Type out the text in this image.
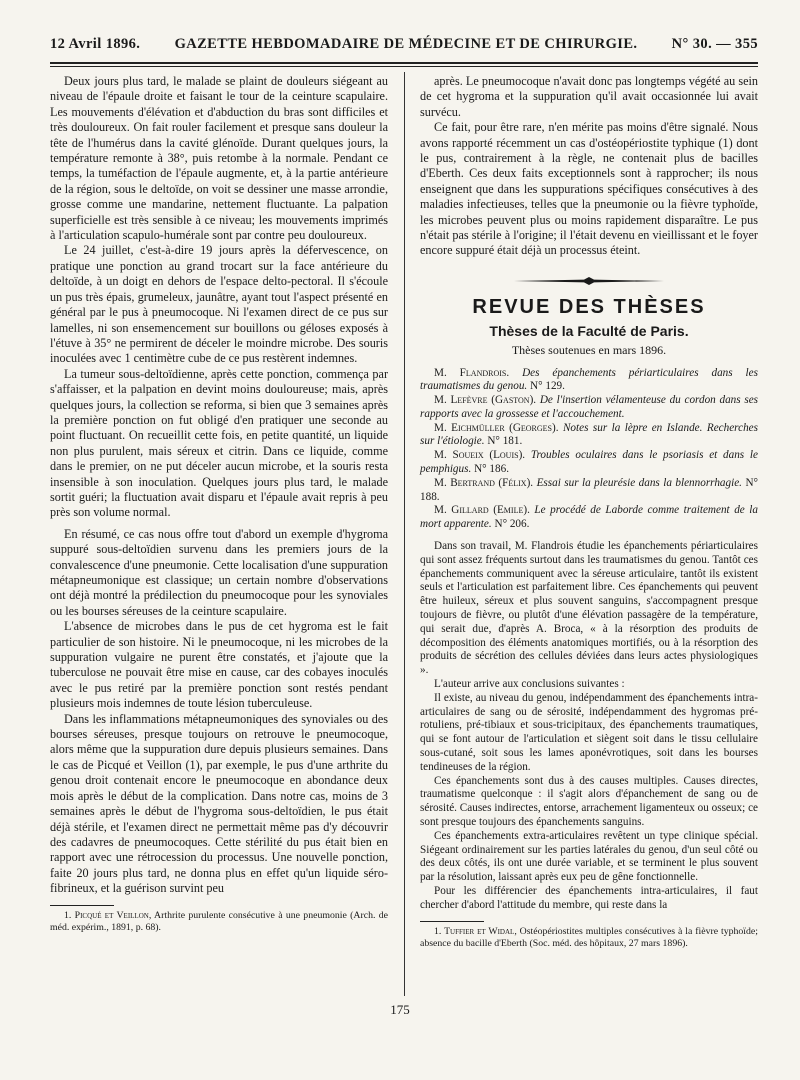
12 Avril 1896.	GAZETTE HEBDOMADAIRE DE MÉDECINE ET DE CHIRURGIE.	N° 30. — 355

Deux jours plus tard, le malade se plaint de douleurs siégeant au niveau de l'épaule droite et faisant le tour de la ceinture scapulaire. Les mouvements d'élévation et d'abduction du bras sont difficiles et très douloureux. On fait rouler facilement et presque sans douleur la tête de l'humérus dans la cavité glénoïde. Durant quelques jours, la température remonte à 38°, puis retombe à la normale. Pendant ce temps, la tuméfaction de l'épaule augmente, et, à la partie antérieure de la région, sous le deltoïde, on voit se dessiner une masse arrondie, grosse comme une mandarine, nettement fluctuante. La palpation superficielle est très sensible à ce niveau; les mouvements imprimés à l'articulation scapulo-humérale sont par contre peu douloureux.

Le 24 juillet, c'est-à-dire 19 jours après la défervescence, on pratique une ponction au grand trocart sur la face antérieure du deltoïde, à un doigt en dehors de l'espace delto-pectoral. Il s'écoule un pus très épais, grumeleux, jaunâtre, ayant tout l'aspect présenté en général par le pus à pneumocoque. Ni l'examen direct de ce pus sur lamelles, ni son ensemencement sur bouillons ou géloses exposés à l'étuve à 35° ne permirent de déceler le moindre microbe. Des souris inoculées avec 1 centimètre cube de ce pus restèrent indemnes.

La tumeur sous-deltoïdienne, après cette ponction, commença par s'affaisser, et la palpation en devint moins douloureuse; mais, après quelques jours, la collection se reforma, si bien que 3 semaines après la première ponction on fut obligé d'en pratiquer une seconde au point fluctuant. On recueillit cette fois, en petite quantité, un liquide non plus purulent, mais séreux et citrin. Dans ce liquide, comme dans le premier, on ne put déceler aucun microbe, et la souris resta insensible à son inoculation. Quelques jours plus tard, le malade sortit guéri; la fluctuation avait disparu et l'épaule avait repris à peu près son volume normal.

En résumé, ce cas nous offre tout d'abord un exemple d'hygroma suppuré sous-deltoïdien survenu dans les premiers jours de la convalescence d'une pneumonie. Cette localisation d'une suppuration métapneumonique est classique; un certain nombre d'observations ont déjà montré la prédilection du pneumocoque pour les synoviales ou les bourses séreuses de la ceinture scapulaire.

L'absence de microbes dans le pus de cet hygroma est le fait particulier de son histoire. Ni le pneumocoque, ni les microbes de la suppuration vulgaire ne purent être constatés, et j'ajoute que la tuberculose ne pouvait être mise en cause, car des cobayes inoculés avec le pus retiré par la première ponction sont restés pendant plusieurs mois indemnes de toute lésion tuberculeuse.

Dans les inflammations métapneumoniques des synoviales ou des bourses séreuses, presque toujours on retrouve le pneumocoque, alors même que la suppuration dure depuis plusieurs semaines. Dans le cas de Picqué et Veillon (1), par exemple, le pus d'une arthrite du genou droit contenait encore le pneumocoque en abondance deux mois après le début de la complication. Dans notre cas, moins de 3 semaines après le début de l'hygroma sous-deltoïdien, le pus était déjà stérile, et l'examen direct ne permettait même pas d'y découvrir des cadavres de pneumocoques. Cette stérilité du pus était bien en rapport avec une rétrocession du processus. Une nouvelle ponction, faite 20 jours plus tard, ne donna plus en effet qu'un liquide séro-fibrineux, et la guérison survint peu

1. Picqué et Veillon, Arthrite purulente consécutive à une pneumonie (Arch. de méd. expérim., 1891, p. 68).

après. Le pneumocoque n'avait donc pas longtemps végété au sein de cet hygroma et la suppuration qu'il avait occasionnée lui avait survécu.

Ce fait, pour être rare, n'en mérite pas moins d'être signalé. Nous avons rapporté récemment un cas d'ostéopériostite typhique (1) dont le pus, contrairement à la règle, ne contenait plus de bacilles d'Eberth. Ces deux faits exceptionnels sont à rapprocher; ils nous enseignent que dans les suppurations spécifiques consécutives à des maladies infectieuses, telles que la pneumonie ou la fièvre typhoïde, les microbes peuvent plus ou moins rapidement disparaître. Le pus n'était pas stérile à l'origine; il l'était devenu en vieillissant et le foyer encore suppuré était déjà un processus éteint.

REVUE DES THÈSES
Thèses de la Faculté de Paris.
Thèses soutenues en mars 1896.

M. Flandrois. Des épanchements périarticulaires dans les traumatismes du genou. N° 129.

M. Lefèvre (Gaston). De l'insertion vélamenteuse du cordon dans ses rapports avec la grossesse et l'accouchement.

M. Eichmüller (Georges). Notes sur la lèpre en Islande. Recherches sur l'étiologie. N° 181.

M. Soueix (Louis). Troubles oculaires dans le psoriasis et dans le pemphigus. N° 186.

M. Bertrand (Félix). Essai sur la pleurésie dans la blennorrhagie. N° 188.

M. Gillard (Emile). Le procédé de Laborde comme traitement de la mort apparente. N° 206.

Dans son travail, M. Flandrois étudie les épanchements périarticulaires qui sont assez fréquents surtout dans les traumatismes du genou. Tantôt ces épanchements communiquent avec la séreuse articulaire, tantôt ils existent seuls et l'articulation est parfaitement libre. Ces épanchements qui peuvent être huileux, séreux et plus souvent sanguins, s'accompagnent presque toujours de fièvre, ou plutôt d'une élévation passagère de la température, qui serait due, d'après A. Broca, « à la résorption des produits de décomposition des éléments anatomiques mortifiés, ou à la résorption des produits de sécrétion des cellules déviées dans leurs actes physiologiques ».

L'auteur arrive aux conclusions suivantes :

Il existe, au niveau du genou, indépendamment des épanchements intra-articulaires de sang ou de sérosité, indépendamment des hygromas pré-rotuliens, pré-tibiaux et sous-tricipitaux, des épanchements traumatiques, qui se font autour de l'articulation et siègent soit dans le tissu cellulaire sous-cutané, soit sous les lames aponévrotiques, soit dans les bourses tendineuses de la région.

Ces épanchements sont dus à des causes multiples. Causes directes, traumatisme quelconque : il s'agit alors d'épanchement de sang ou de sérosité. Causes indirectes, entorse, arrachement ligamenteux ou osseux; ce sont presque toujours des épanchements sanguins.

Ces épanchements extra-articulaires revêtent un type clinique spécial. Siégeant ordinairement sur les parties latérales du genou, d'un seul côté ou des deux côtés, ils ont une durée variable, et se terminent le plus souvent par la résolution, laissant après eux peu de gêne fonctionnelle.

Pour les différencier des épanchements intra-articulaires, il faut chercher d'abord l'attitude du membre, qui reste dans la

1. Tuffier et Widal, Ostéopériostites multiples consécutives à la fièvre typhoïde; absence du bacille d'Eberth (Soc. méd. des hôpitaux, 27 mars 1896).
175
